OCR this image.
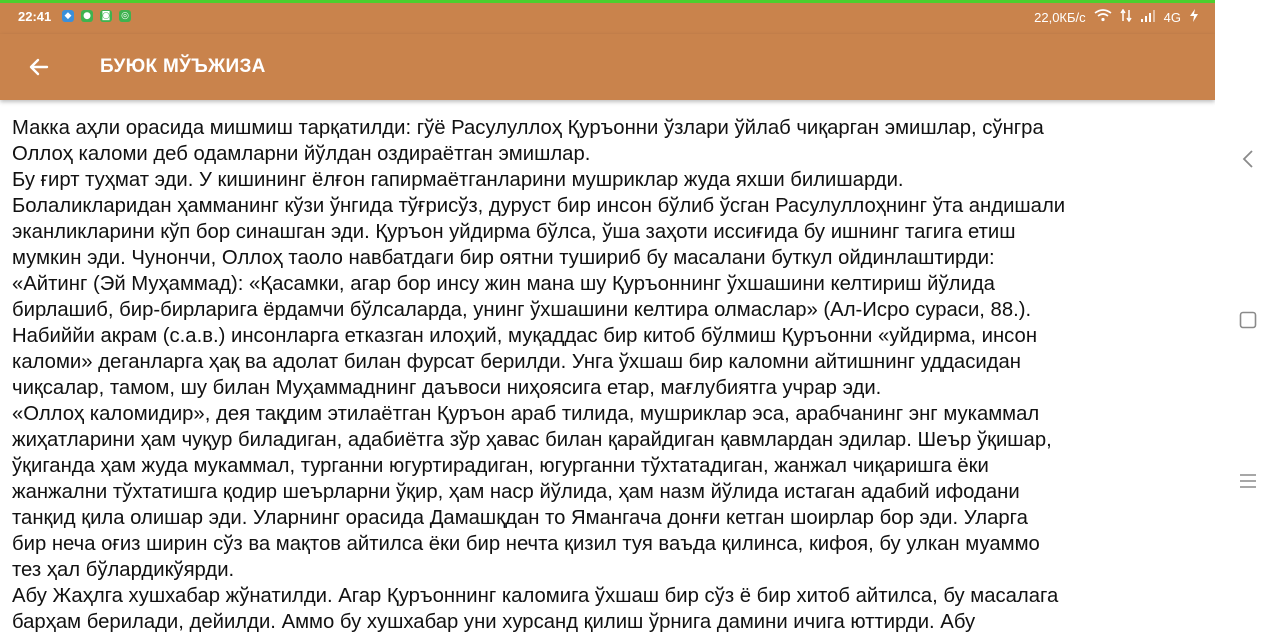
22:41 ◆ ● ◙ ◎	22,0КБ/с	4G
БУЮК МЎЪЖИЗА
Макка аҳли орасида мишмиш тарқатилди: гўё Расулуллоҳ Қуръонни ўзлари ўйлаб чиқарган эмишлар, сўнгра
Оллоҳ каломи деб одамларни йўлдан оздираётган эмишлар.
Бу ғирт туҳмат эди. У кишининг ёлғон гапирмаётганларини мушриклар жуда яхши билишарди.
Болаликларидан ҳамманинг кўзи ўнгида тўғрисўз, дуруст бир инсон бўлиб ўсган Расулуллоҳнинг ўта андишали
эканликларини кўп бор синашган эди. Қуръон уйдирма бўлса, ўша заҳоти иссиғида бу ишнинг тагига етиш
мумкин эди. Чунончи, Оллоҳ таоло навбатдаги бир оятни тушириб бу масалани буткул ойдинлаштирди:
«Айтинг (Эй Муҳаммад): «Қасамки, агар бор инсу жин мана шу Қуръоннинг ўхшашини келтириш йўлида
бирлашиб, бир-бирларига ёрдамчи бўлсаларда, унинг ўхшашини келтира олмаслар» (Ал-Исро сураси, 88.).
Набиййи акрам (с.а.в.) инсонларга етказган илоҳий, муқаддас бир китоб бўлмиш Қуръонни «уйдирма, инсон
каломи» деганларга ҳақ ва адолат билан фурсат берилди. Унга ўхшаш бир каломни айтишнинг уддасидан
чиқсалар, тамом, шу билан Муҳаммаднинг даъвоси ниҳоясига етар, мағлубиятга учрар эди.
«Оллоҳ каломидир», дея тақдим этилаётган Қуръон араб тилида, мушриклар эса, арабчанинг энг мукаммал
жиҳатларини ҳам чуқур биладиган, адабиётга зўр ҳавас билан қарайдиган қавмлардан эдилар. Шеър ўқишар,
ўқиганда ҳам жуда мукаммал, турганни югуртирадиган, югурганни тўхтатадиган, жанжал чиқаришга ёки
жанжални тўхтатишга қодир шеърларни ўқир, ҳам наср йўлида, ҳам назм йўлида истаган адабий ифодани
танқид қила олишар эди. Уларнинг орасида Дамашқдан то Ямангача донғи кетган шоирлар бор эди. Уларга
бир неча оғиз ширин сўз ва мақтов айтилса ёки бир нечта қизил туя ваъда қилинса, кифоя, бу улкан муаммо
тез ҳал бўлардикўярди.
Абу Жаҳлга хушхабар жўнатилди. Агар Қуръоннинг каломига ўхшаш бир сўз ё бир хитоб айтилса, бу масалага
барҳам берилади, дейилди. Аммо бу хушхабар уни хурсанд қилиш ўрнига дамини ичига юттирди. Абу
